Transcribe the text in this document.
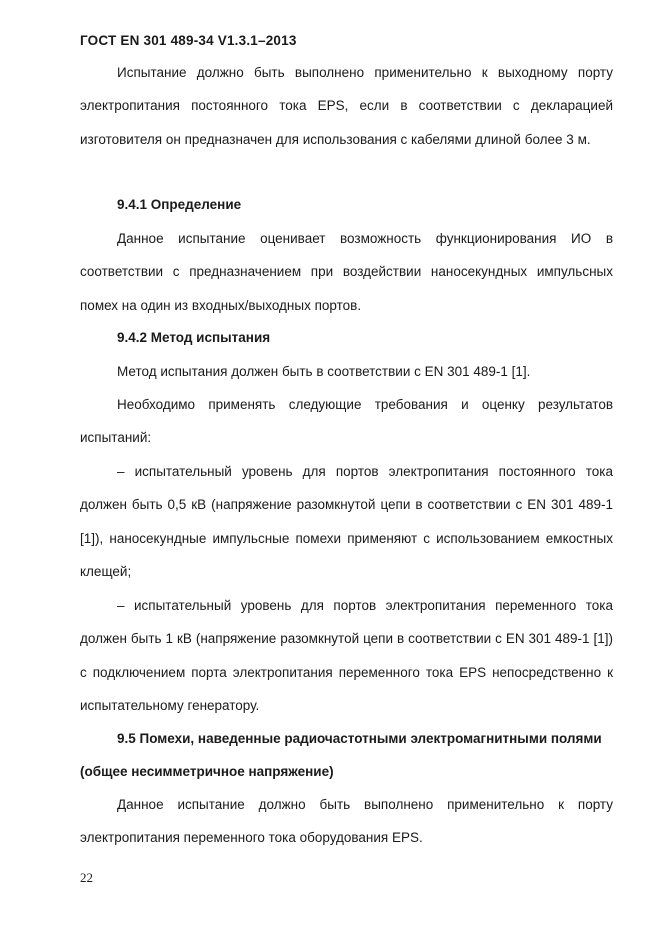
ГОСТ EN 301 489-34 V1.3.1–2013
Испытание должно быть выполнено применительно к выходному порту электропитания постоянного тока EPS, если в соответствии с декларацией изготовителя он предназначен для использования с кабелями длиной более 3 м.
9.4.1 Определение
Данное испытание оценивает возможность функционирования ИО в соответствии с предназначением при воздействии наносекундных импульсных помех на один из входных/выходных портов.
9.4.2 Метод испытания
Метод испытания должен быть в соответствии с EN 301 489-1 [1].
Необходимо применять следующие требования и оценку результатов испытаний:
– испытательный уровень для портов электропитания постоянного тока должен быть 0,5 кВ (напряжение разомкнутой цепи в соответствии с EN 301 489-1 [1]), наносекундные импульсные помехи применяют с использованием емкостных клещей;
– испытательный уровень для портов электропитания переменного тока должен быть 1 кВ (напряжение разомкнутой цепи в соответствии с EN 301 489-1 [1]) с подключением порта электропитания переменного тока EPS непосредственно к испытательному генератору.
9.5 Помехи, наведенные радиочастотными электромагнитными полями (общее несимметричное напряжение)
Данное испытание должно быть выполнено применительно к порту электропитания переменного тока оборудования EPS.
22
